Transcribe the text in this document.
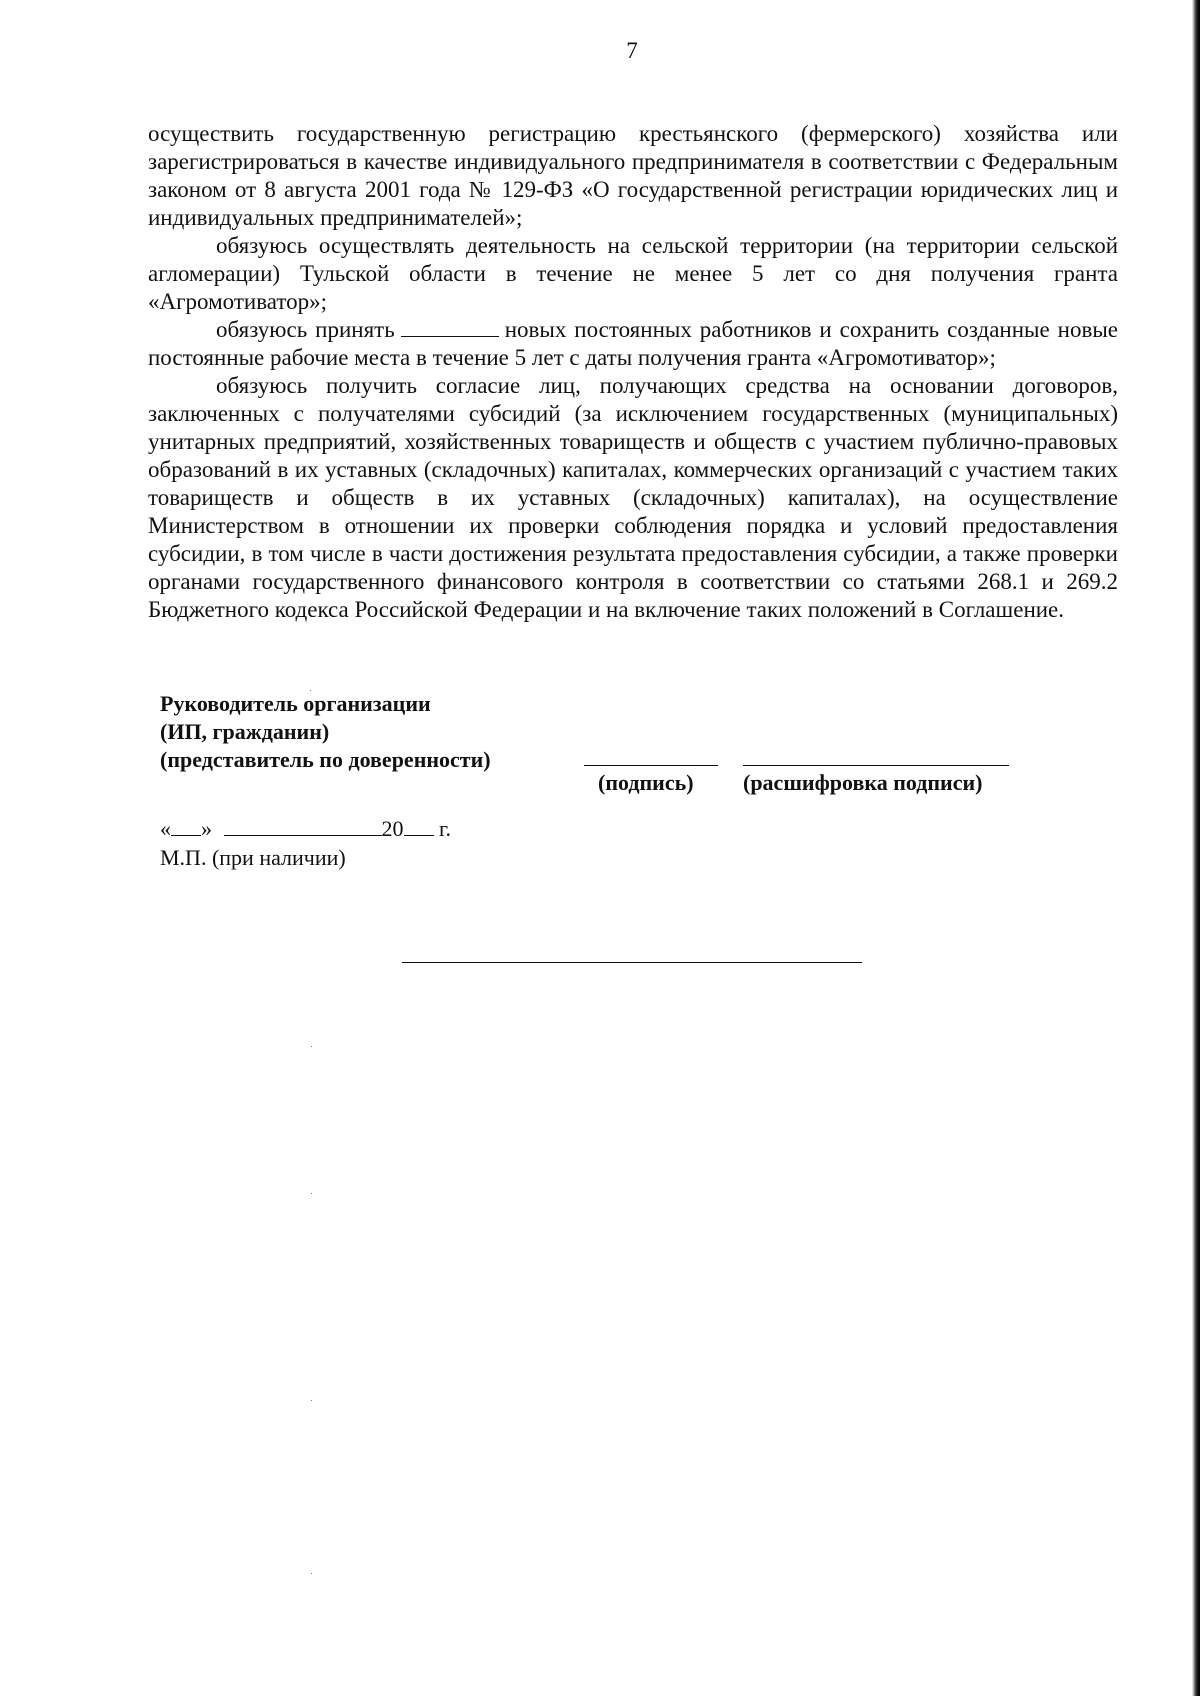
7

осуществить государственную регистрацию крестьянского (фермерского) хозяйства или зарегистрироваться в качестве индивидуального предпринимателя в соответствии с Федеральным законом от 8 августа 2001 года № 129-ФЗ «О государственной регистрации юридических лиц и индивидуальных предпринимателей»;

обязуюсь осуществлять деятельность на сельской территории (на территории сельской агломерации) Тульской области в течение не менее 5 лет со дня получения гранта «Агромотиватор»;

обязуюсь принять	новых постоянных работников и сохранить созданные новые постоянные рабочие места в течение 5 лет с даты получения гранта «Агромотиватор»;

обязуюсь получить согласие лиц, получающих средства на основании договоров, заключенных с получателями субсидий (за исключением государственных (муниципальных) унитарных предприятий, хозяйственных товариществ и обществ с участием публично-правовых образований в их уставных (складочных) капиталах, коммерческих организаций с участием таких товариществ и обществ в их уставных (складочных) капиталах), на осуществление Министерством в отношении их проверки соблюдения порядка и условий предоставления субсидии, в том числе в части достижения результата предоставления субсидии, а также проверки органами государственного финансового контроля в соответствии со статьями 268.1 и 269.2 Бюджетного кодекса Российской Федерации и на включение таких положений в Соглашение.

Руководитель организации
(ИП, гражданин)
(представитель по доверенности)
(подпись) (расшифровка подписи)
« »	20 г.
М.П. (при наличии)
